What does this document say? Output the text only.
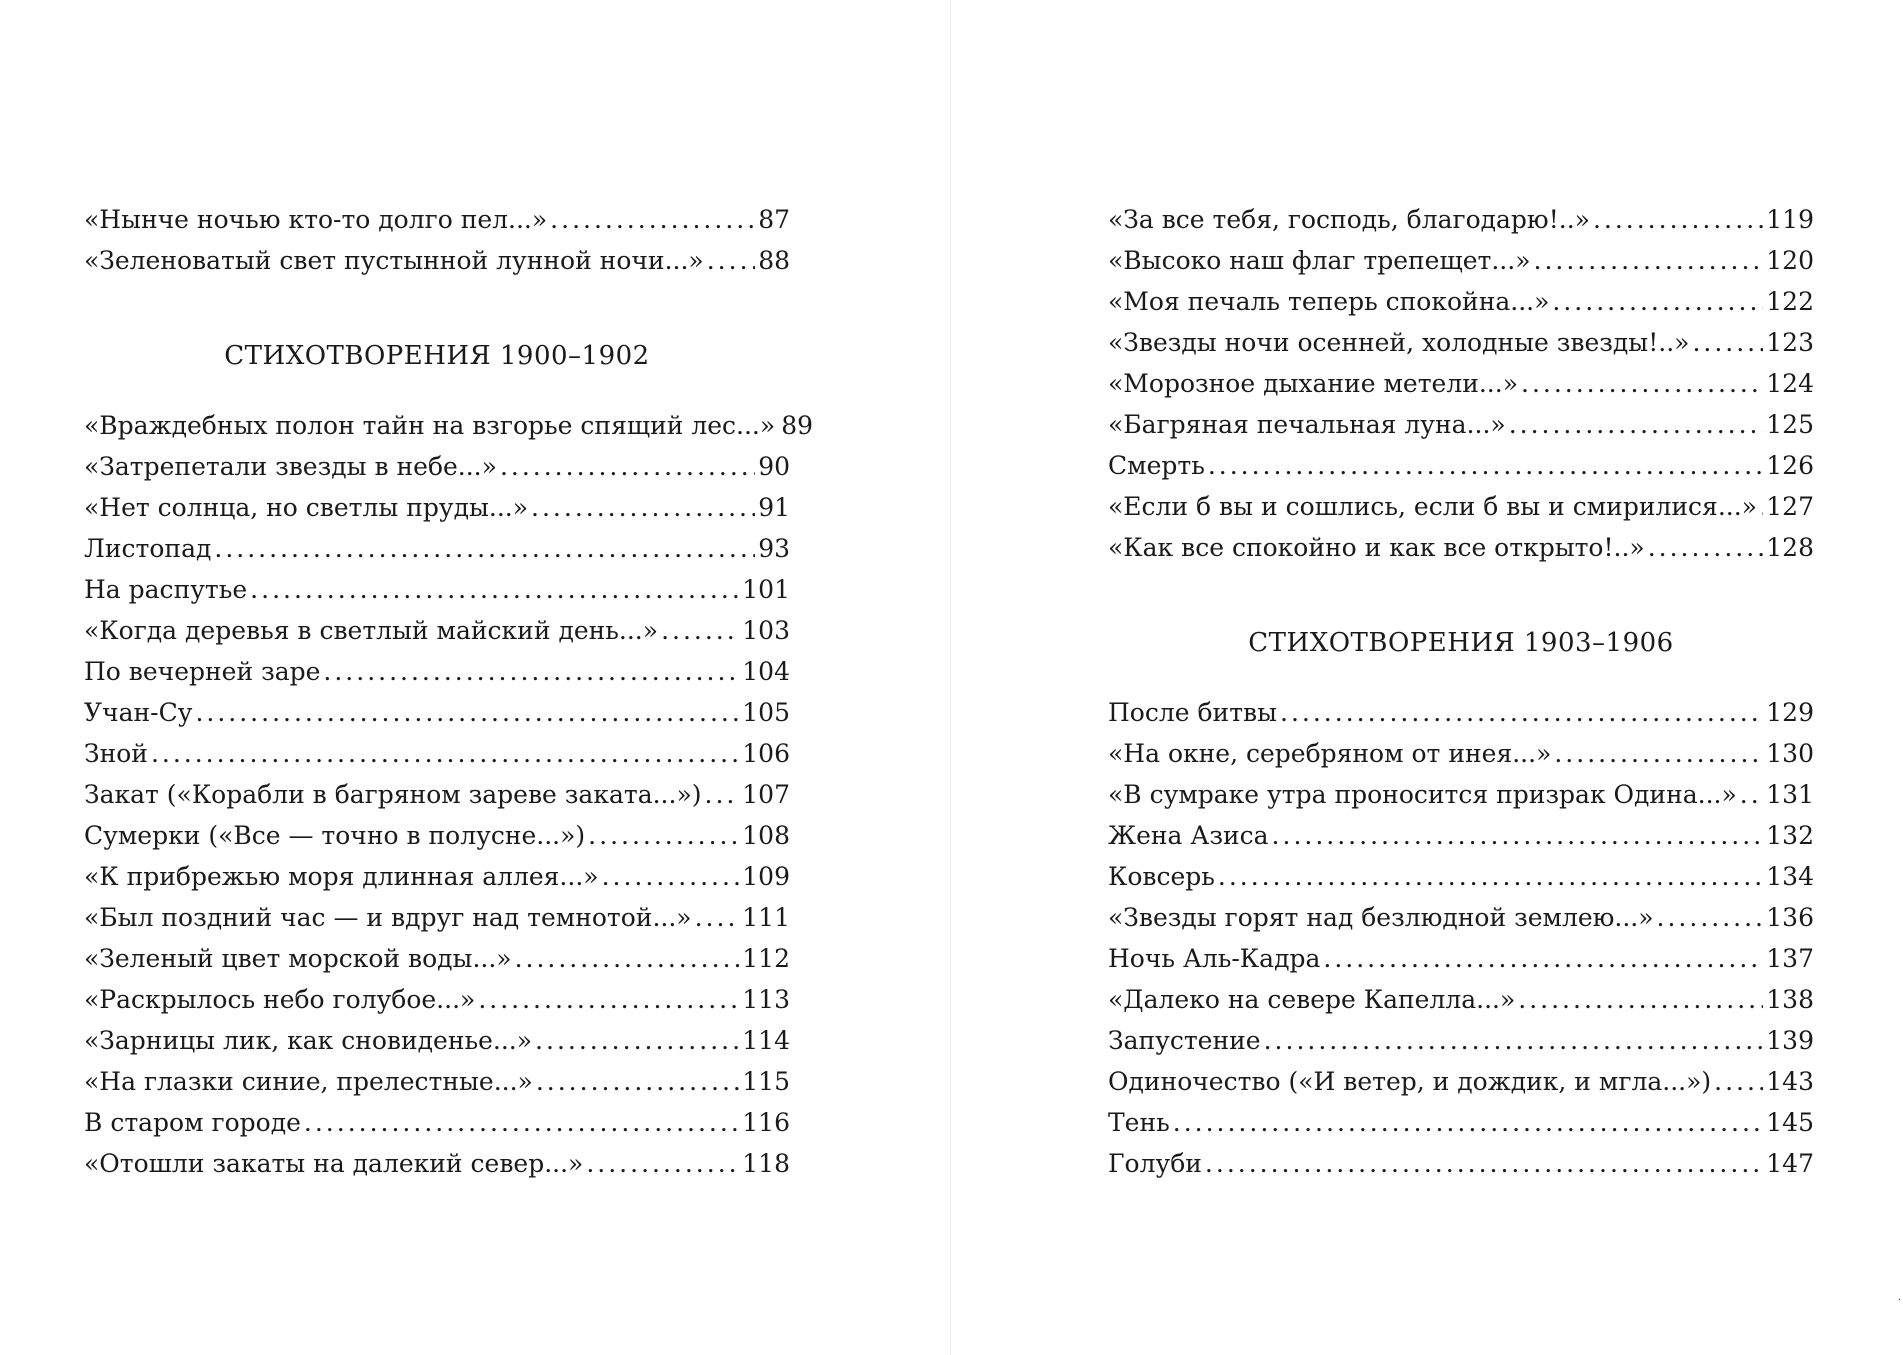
«Нынче ночью кто-то долго пел...» .....	87
«Зеленоватый свет пустынной лунной ночи...» ..... 88
СТИХОТВОРЕНИЯ 1900–1902
«Враждебных полон тайн на взгорье спящий лес...» 89
«Затрепетали звезды в небе...» .....	90
«Нет солнца, но светлы пруды...» .....	91
Листопад .....	93
На распутье .....	101
«Когда деревья в светлый майский день...» .....	103
По вечерней заре .....	104
Учан-Су .....	105
Зной .....	106
Закат («Корабли в багряном зареве заката...») ..... 107
Сумерки («Все — точно в полусне...») .....	108
«К прибрежью моря длинная аллея...» .....	109
«Был поздний час — и вдруг над темнотой...» ..... 111
«Зеленый цвет морской воды...» .....	112
«Раскрылось небо голубое...» .....	113
«Зарницы лик, как сновиденье...» .....	114
«На глазки синие, прелестные...» .....	115
В старом городе .....	116
«Отошли закаты на далекий север...» .....	118
«За все тебя, господь, благодарю!..» .....	119
«Высоко наш флаг трепещет...» .....	120
«Моя печаль теперь спокойна...» .....	122
«Звезды ночи осенней, холодные звезды!..» .....	123
«Морозное дыхание метели...» .....	124
«Багряная печальная луна...» .....	125
Смерть .....	126
«Если б вы и сошлись, если б вы и смирилися...» ..... 127
«Как все спокойно и как все открыто!..» .....	128
СТИХОТВОРЕНИЯ 1903–1906
После битвы .....	129
«На окне, серебряном от инея...» .....	130
«В сумраке утра проносится призрак Одина...» ..... 131
Жена Азиса .....	132
Ковсерь .....	134
«Звезды горят над безлюдной землею...» .....	136
Ночь Аль-Кадра .....	137
«Далеко на севере Капелла...» .....	138
Запустение .....	139
Одиночество («И ветер, и дождик, и мгла...») ..... 143
Тень .....	145
Голуби .....	147
·
